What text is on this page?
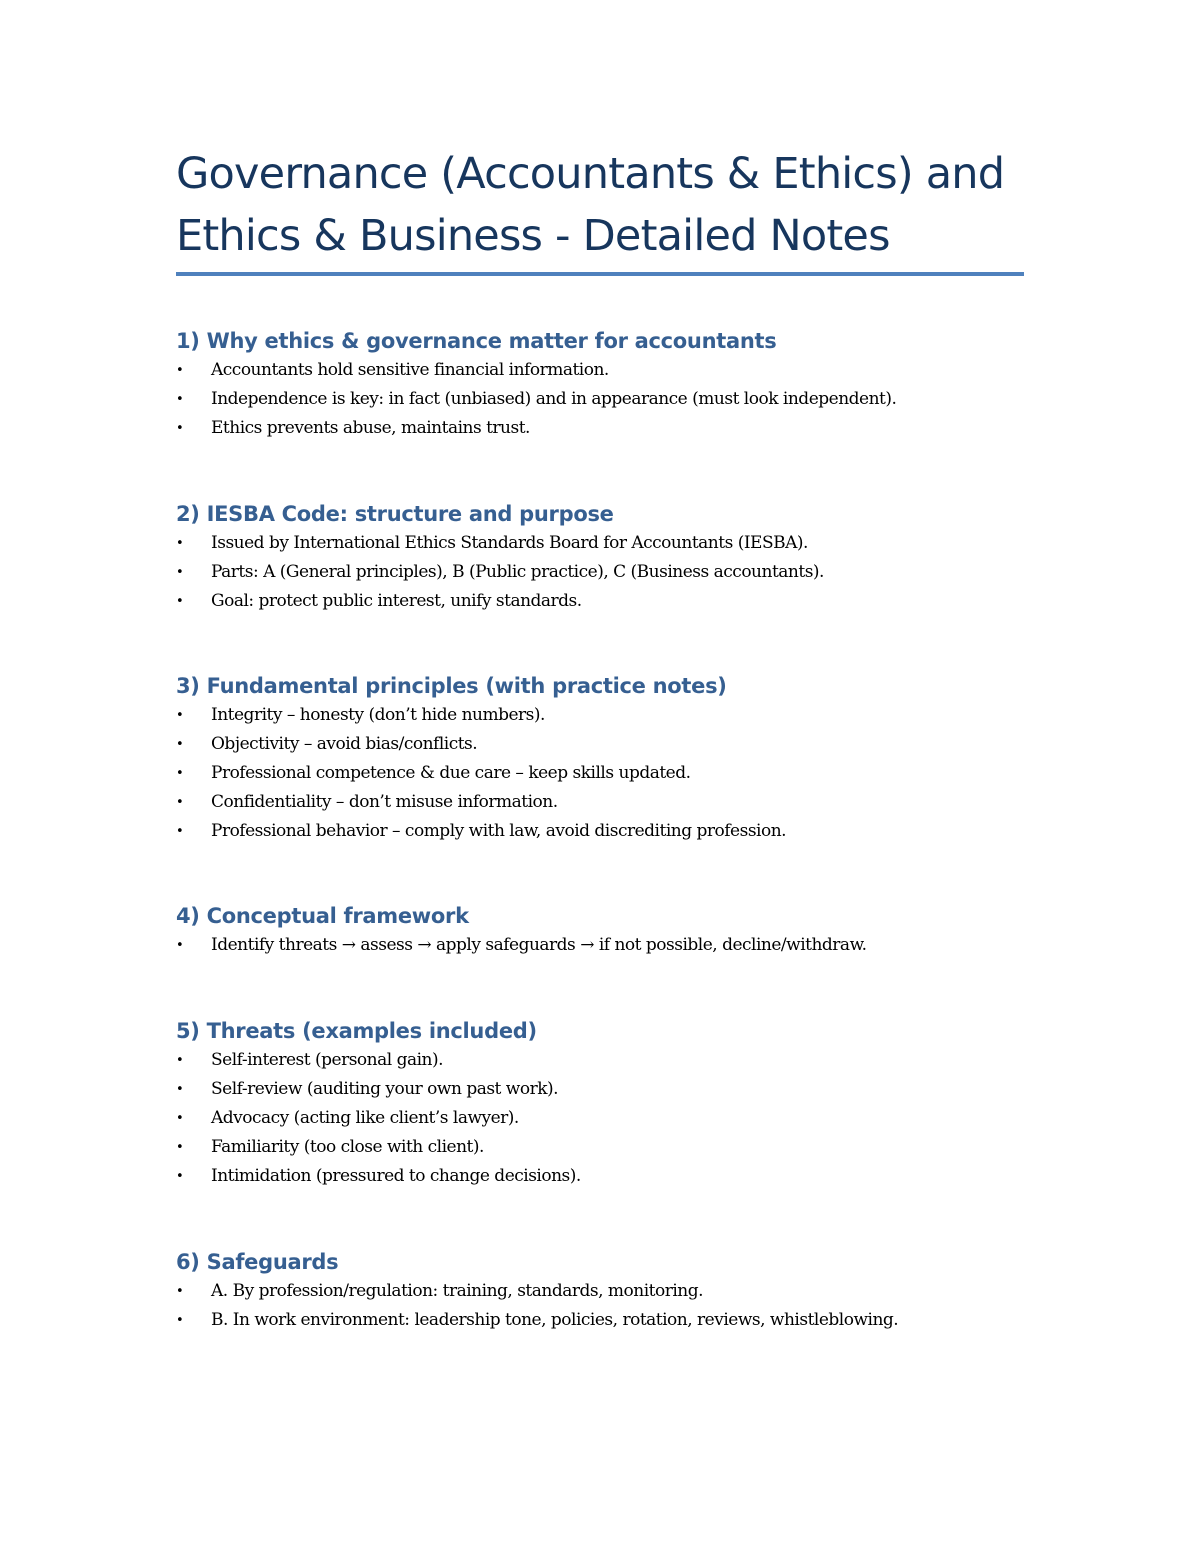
Governance (Accountants & Ethics) and Ethics & Business - Detailed Notes
1) Why ethics & governance matter for accountants
• Accountants hold sensitive financial information.
• Independence is key: in fact (unbiased) and in appearance (must look independent).
• Ethics prevents abuse, maintains trust.
2) IESBA Code: structure and purpose
• Issued by International Ethics Standards Board for Accountants (IESBA).
• Parts: A (General principles), B (Public practice), C (Business accountants).
• Goal: protect public interest, unify standards.
3) Fundamental principles (with practice notes)
• Integrity – honesty (don’t hide numbers).
• Objectivity – avoid bias/conflicts.
• Professional competence & due care – keep skills updated.
• Confidentiality – don’t misuse information.
• Professional behavior – comply with law, avoid discrediting profession.
4) Conceptual framework
• Identify threats → assess → apply safeguards → if not possible, decline/withdraw.
5) Threats (examples included)
• Self-interest (personal gain).
• Self-review (auditing your own past work).
• Advocacy (acting like client’s lawyer).
• Familiarity (too close with client).
• Intimidation (pressured to change decisions).
6) Safeguards
• A. By profession/regulation: training, standards, monitoring.
• B. In work environment: leadership tone, policies, rotation, reviews, whistleblowing.
